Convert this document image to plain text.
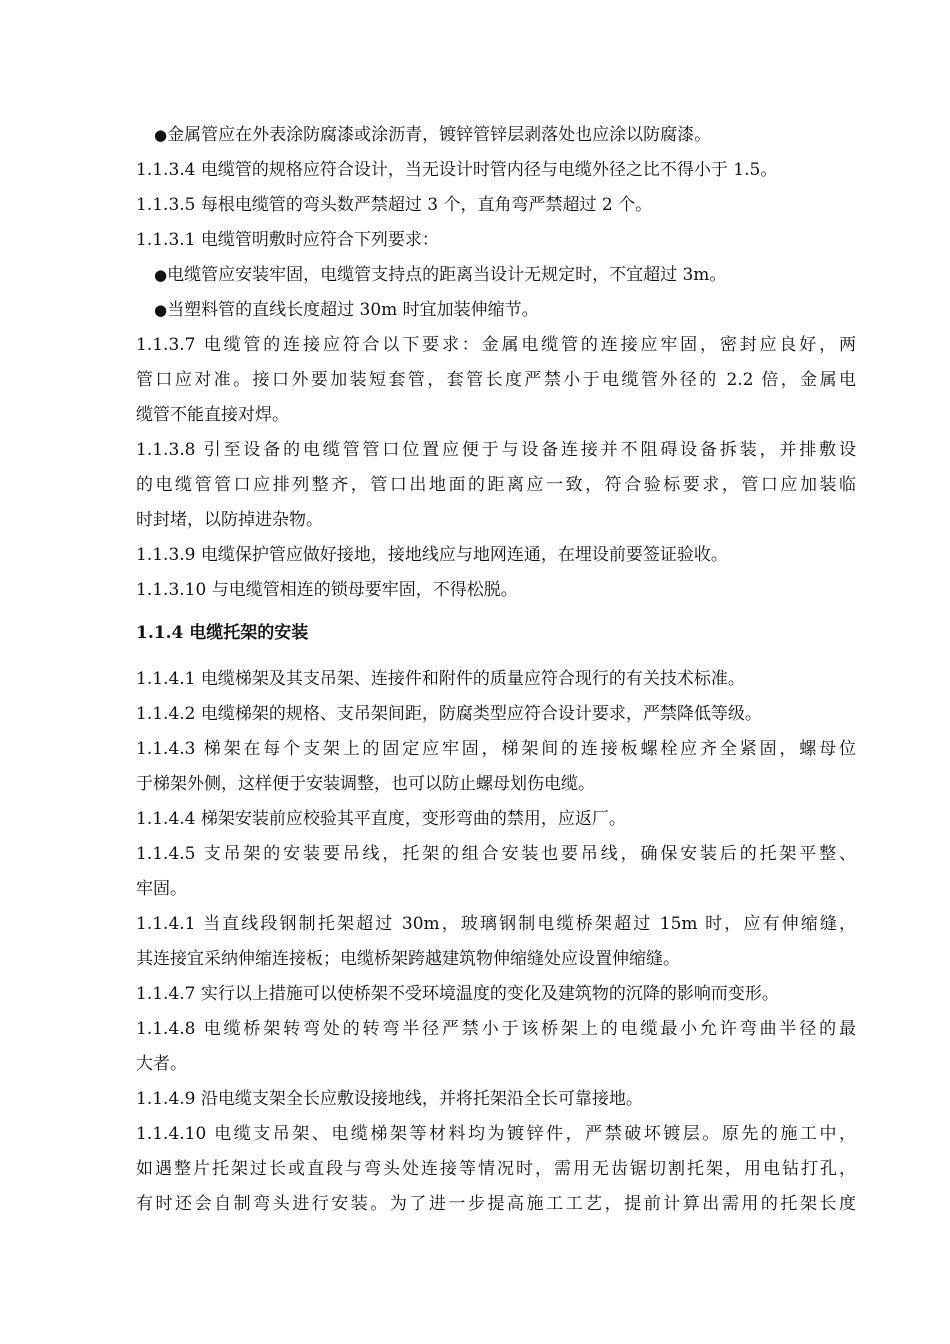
●金属管应在外表涂防腐漆或涂沥青，镀锌管锌层剥落处也应涂以防腐漆。
1.1.3.4 电缆管的规格应符合设计，当无设计时管内径与电缆外径之比不得小于 1.5。
1.1.3.5 每根电缆管的弯头数严禁超过 3 个，直角弯严禁超过 2 个。
1.1.3.1 电缆管明敷时应符合下列要求：
●电缆管应安装牢固，电缆管支持点的距离当设计无规定时，不宜超过 3m。
●当塑料管的直线长度超过 30m 时宜加装伸缩节。
1.1.3.7 电缆管的连接应符合以下要求：金属电缆管的连接应牢固，密封应良好，两
管口应对准。接口外要加装短套管，套管长度严禁小于电缆管外径的 2.2 倍，金属电
缆管不能直接对焊。
1.1.3.8 引至设备的电缆管管口位置应便于与设备连接并不阻碍设备拆装，并排敷设
的电缆管管口应排列整齐，管口出地面的距离应一致，符合验标要求，管口应加装临
时封堵，以防掉进杂物。
1.1.3.9 电缆保护管应做好接地，接地线应与地网连通，在埋设前要签证验收。
1.1.3.10 与电缆管相连的锁母要牢固，不得松脱。
1.1.4 电缆托架的安装
1.1.4.1 电缆梯架及其支吊架、连接件和附件的质量应符合现行的有关技术标准。
1.1.4.2 电缆梯架的规格、支吊架间距，防腐类型应符合设计要求，严禁降低等级。
1.1.4.3 梯架在每个支架上的固定应牢固，梯架间的连接板螺栓应齐全紧固，螺母位
于梯架外侧，这样便于安装调整，也可以防止螺母划伤电缆。
1.1.4.4 梯架安装前应校验其平直度，变形弯曲的禁用，应返厂。
1.1.4.5 支吊架的安装要吊线，托架的组合安装也要吊线，确保安装后的托架平整、
牢固。
1.1.4.1 当直线段钢制托架超过 30m，玻璃钢制电缆桥架超过 15m 时，应有伸缩缝，
其连接宜采纳伸缩连接板；电缆桥架跨越建筑物伸缩缝处应设置伸缩缝。
1.1.4.7 实行以上措施可以使桥架不受环境温度的变化及建筑物的沉降的影响而变形。
1.1.4.8 电缆桥架转弯处的转弯半径严禁小于该桥架上的电缆最小允许弯曲半径的最
大者。
1.1.4.9 沿电缆支架全长应敷设接地线，并将托架沿全长可靠接地。
1.1.4.10 电缆支吊架、电缆梯架等材料均为镀锌件，严禁破坏镀层。原先的施工中，
如遇整片托架过长或直段与弯头处连接等情况时，需用无齿锯切割托架，用电钻打孔，
有时还会自制弯头进行安装。为了进一步提高施工工艺，提前计算出需用的托架长度
